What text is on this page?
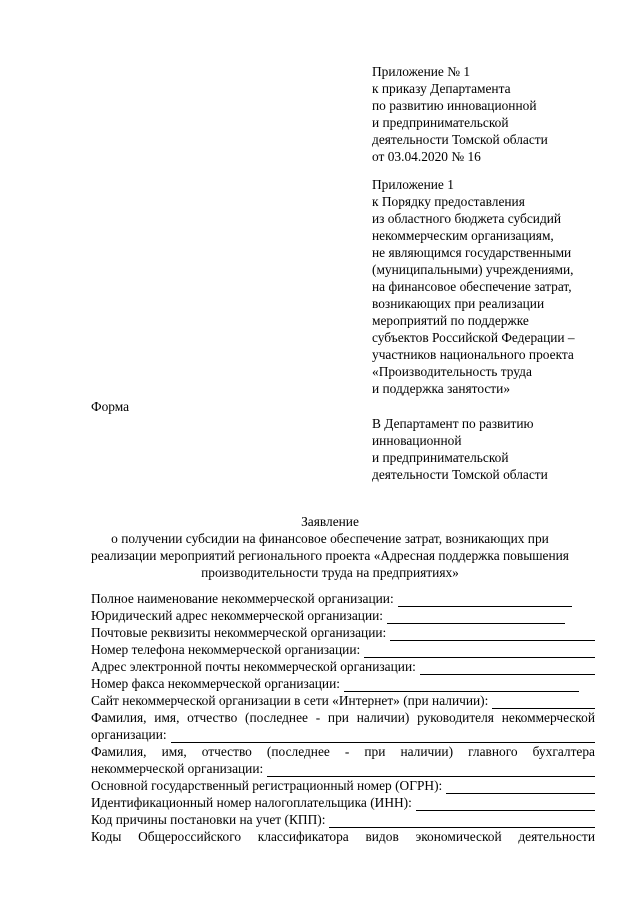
Приложение № 1
к приказу Департамента
по развитию инновационной
и предпринимательской
деятельности Томской области
от 03.04.2020 № 16
Приложение 1
к Порядку предоставления
из областного бюджета субсидий
некоммерческим организациям,
не являющимся государственными
(муниципальными) учреждениями,
на финансовое обеспечение затрат,
возникающих при реализации
мероприятий по поддержке
субъектов Российской Федерации –
участников национального проекта
«Производительность труда
и поддержка занятости»
Форма
В Департамент по развитию
инновационной
и предпринимательской
деятельности Томской области
Заявление
о получении субсидии на финансовое обеспечение затрат, возникающих при
реализации мероприятий регионального проекта «Адресная поддержка повышения
производительности труда на предприятиях»
Полное наименование некоммерческой организации:
Юридический адрес некоммерческой организации:
Почтовые реквизиты некоммерческой организации:
Номер телефона некоммерческой организации:
Адрес электронной почты некоммерческой организации:
Номер факса некоммерческой организации:
Сайт некоммерческой организации в сети «Интернет» (при наличии):
Фамилия, имя, отчество (последнее - при наличии) руководителя некоммерческой
организации:
Фамилия, имя, отчество (последнее - при наличии) главного бухгалтера
некоммерческой организации:
Основной государственный регистрационный номер (ОГРН):
Идентификационный номер налогоплательщика (ИНН):
Код причины постановки на учет (КПП):
Коды Общероссийского классификатора видов экономической деятельности
